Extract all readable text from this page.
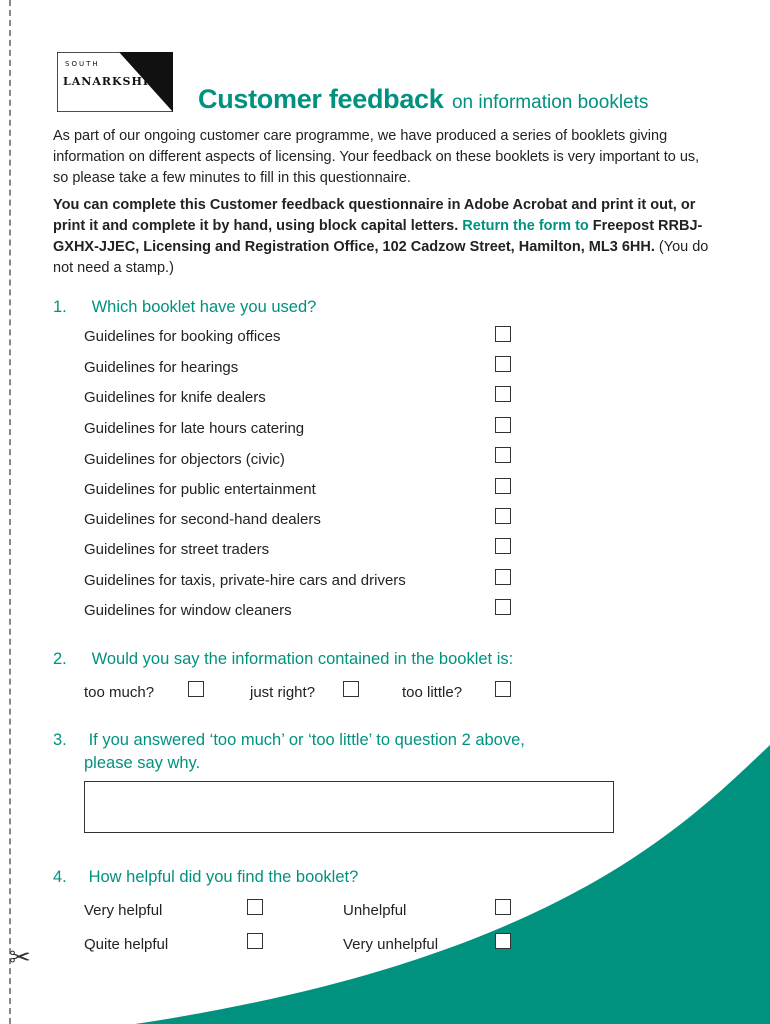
✂
SOUTH
LANARKSHIRE
COUNCIL Customer feedback on information booklets
As part of our ongoing customer care programme, we have produced a series of booklets giving information on different aspects of licensing. Your feedback on these booklets is very important to us, so please take a few minutes to fill in this questionnaire.
You can complete this Customer feedback questionnaire in Adobe Acrobat and print it out, or print it and complete it by hand, using block capital letters. Return the form to Freepost RRBJ-GXHX-JJEC, Licensing and Registration Office, 102 Cadzow Street, Hamilton, ML3 6HH. (You do not need a stamp.)
1. Which booklet have you used?
Guidelines for booking offices
Guidelines for hearings
Guidelines for knife dealers
Guidelines for late hours catering
Guidelines for objectors (civic)
Guidelines for public entertainment
Guidelines for second-hand dealers
Guidelines for street traders
Guidelines for taxis, private-hire cars and drivers
Guidelines for window cleaners
2. Would you say the information contained in the booklet is:
too much?	just right?	too little?
3. If you answered ‘too much’ or ‘too little’ to question 2 above,
please say why.
4. How helpful did you find the booklet?
Very helpful	Unhelpful
Quite helpful	Very unhelpful
